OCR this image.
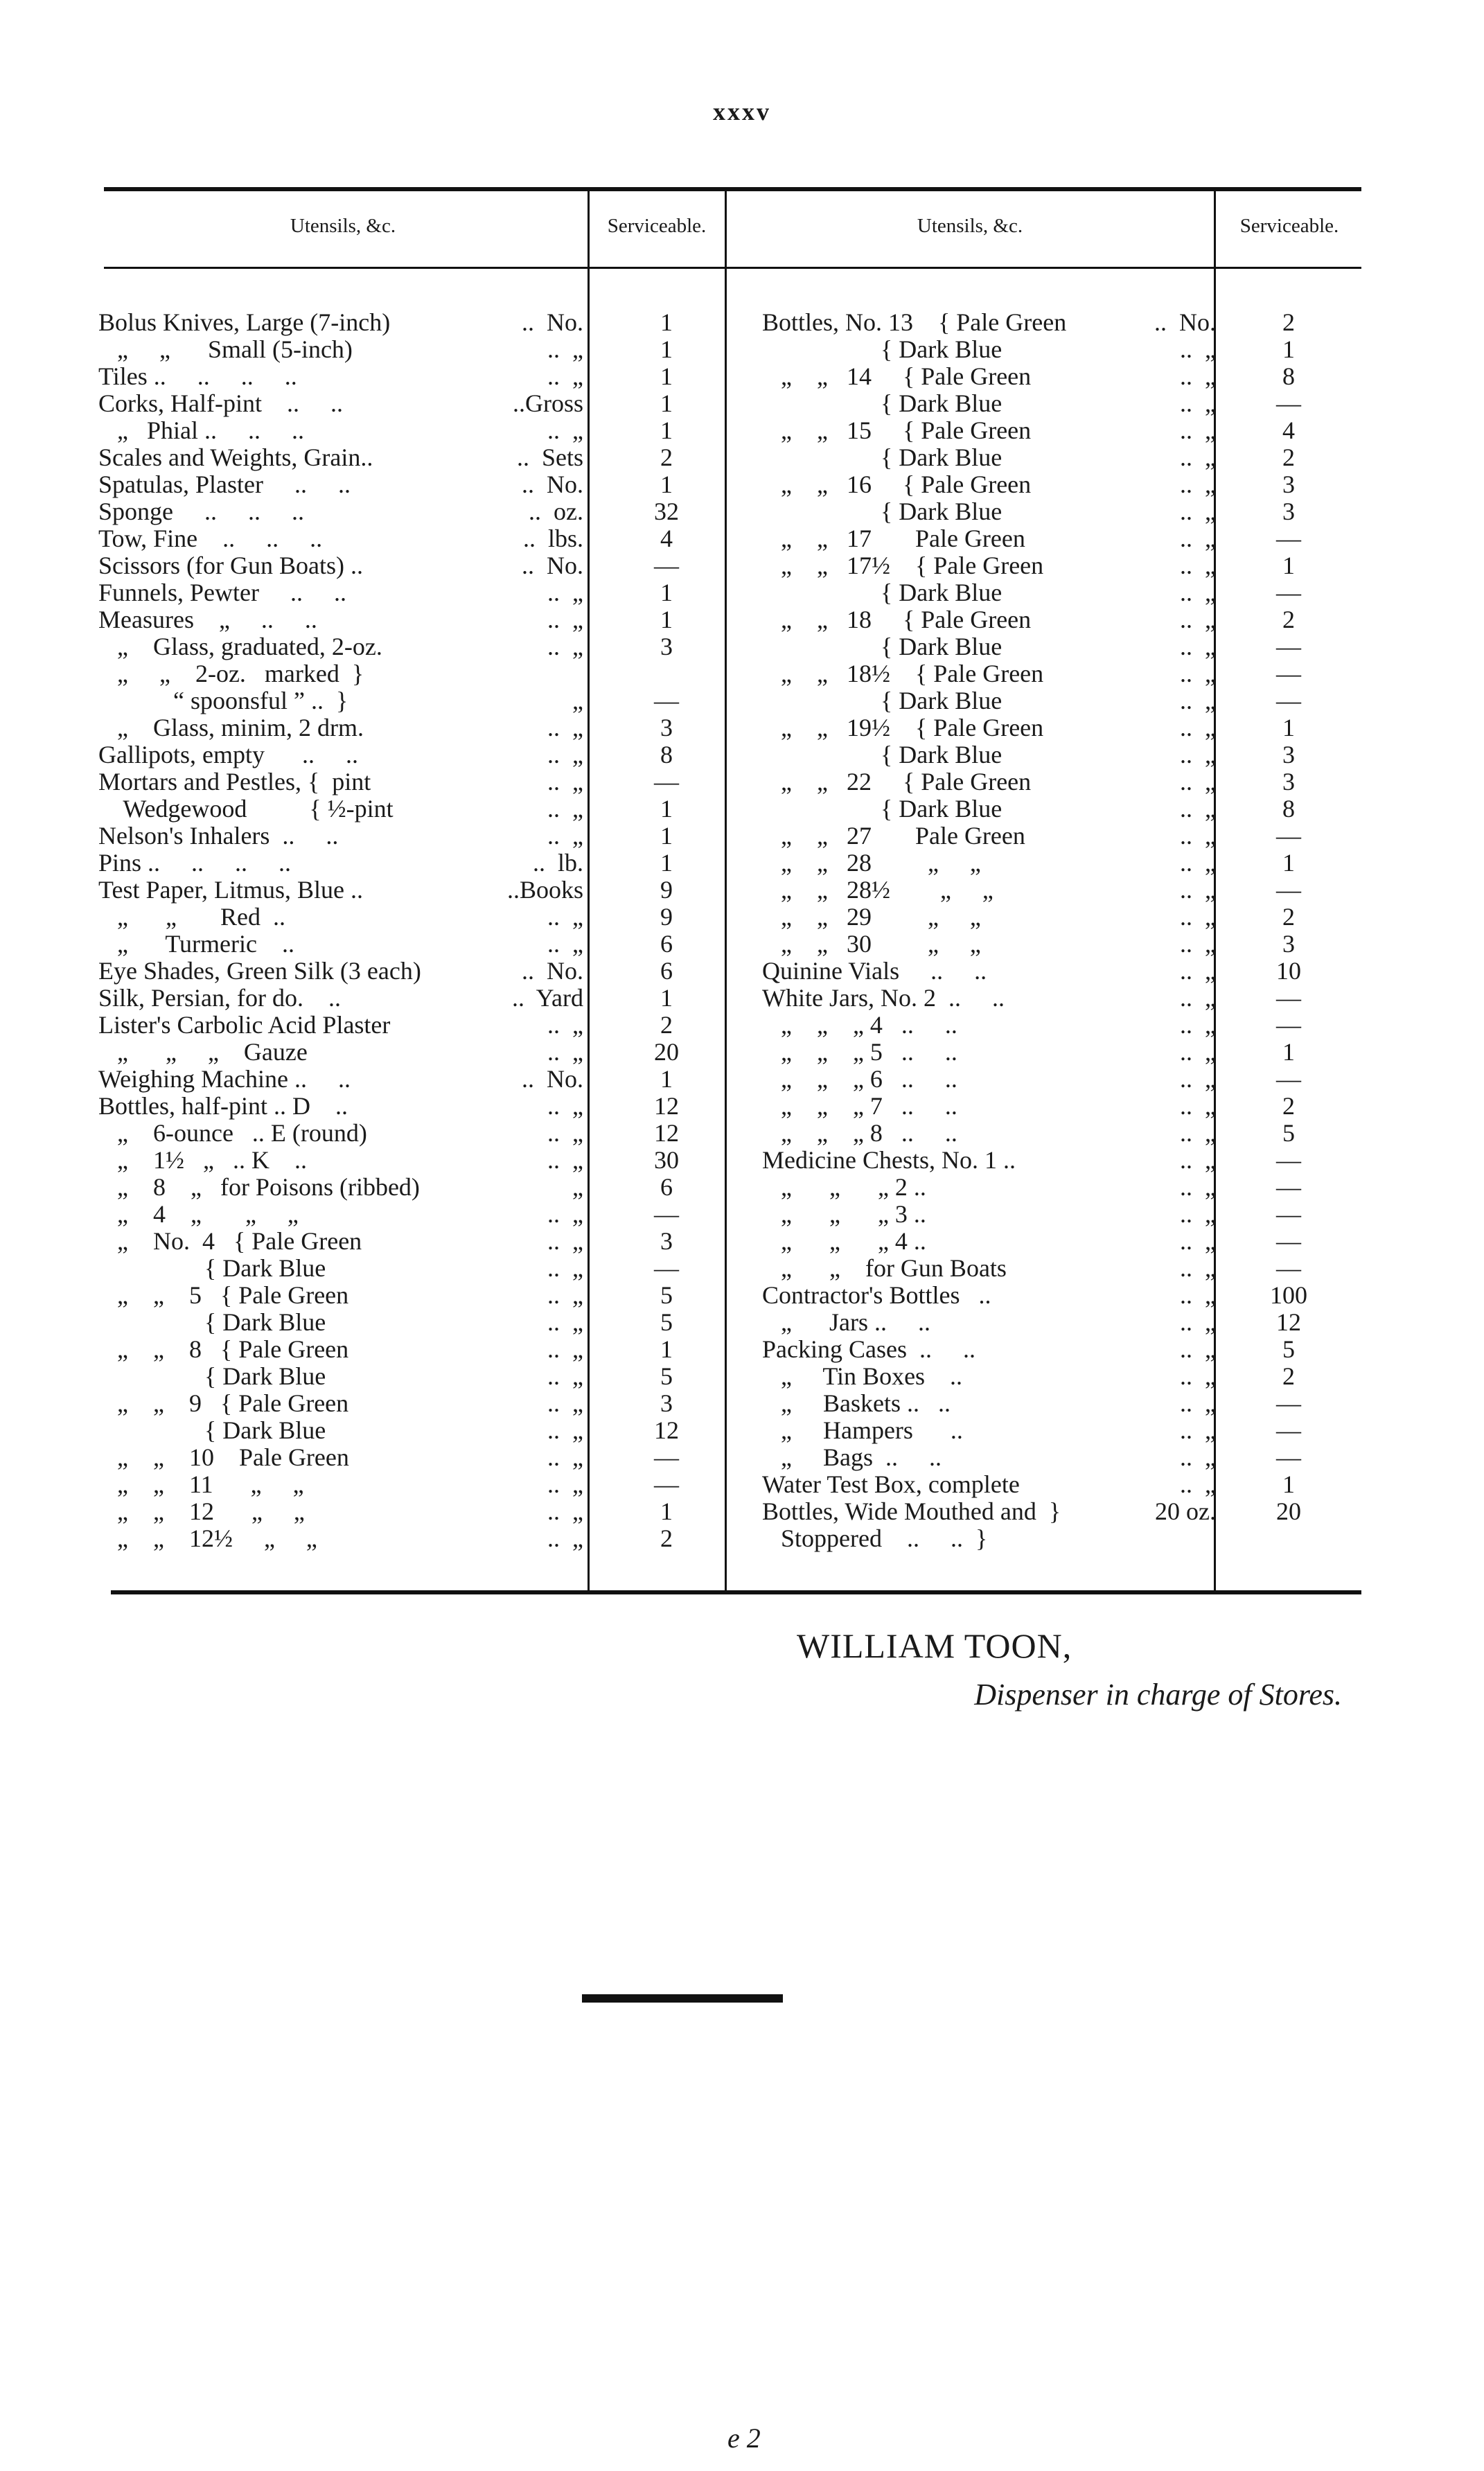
xxxv
Utensils, &c.	Serviceable.	Utensils, &c.	Serviceable.
Bolus Knives, Large (7-inch)	..  No.	1
„     „      Small (5-inch)	..  „	1
Tiles ..     ..     ..     ..	..  „	1
Corks, Half-pint    ..     ..	..Gross	1
„   Phial ..     ..     ..	..  „	1
Scales and Weights, Grain..	..  Sets	2
Spatulas, Plaster     ..     ..	..  No.	1
Sponge     ..     ..     ..	..  oz.	32
Tow, Fine    ..     ..     ..	..  lbs.	4
Scissors (for Gun Boats) ..	..  No.	—
Funnels, Pewter     ..     ..	..  „	1
Measures    „     ..     ..	..  „	1
„    Glass, graduated, 2-oz.	..  „	3
„     „    2-oz.   marked  }
“ spoonsful ” ..  }	„	—
„    Glass, minim, 2 drm.	..  „	3
Gallipots, empty      ..     ..	..  „	8
Mortars and Pestles, {  pint	..  „	—
Wedgewood          { ½-pint	..  „	1
Nelson's Inhalers  ..     ..	..  „	1
Pins ..     ..     ..     ..	..  lb.	1
Test Paper, Litmus, Blue ..	..Books	9
„      „       Red  ..	..  „	9
„      Turmeric    ..	..  „	6
Eye Shades, Green Silk (3 each)	..  No.	6
Silk, Persian, for do.    ..	..  Yard	1
Lister's Carbolic Acid Plaster	..  „	2
„      „     „    Gauze	..  „	20
Weighing Machine ..     ..	..  No.	1
Bottles, half-pint .. D    ..	..  „	12
„    6-ounce   .. E (round)	..  „	12
„    1½   „   .. K    ..	..  „	30
„    8    „   for Poisons (ribbed)	„	6
„    4    „       „     „	..  „	—
„    No.  4   { Pale Green	..  „	3
{ Dark Blue	..  „	—
„    „    5   { Pale Green	..  „	5
{ Dark Blue	..  „	5
„    „    8   { Pale Green	..  „	1
{ Dark Blue	..  „	5
„    „    9   { Pale Green	..  „	3
{ Dark Blue	..  „	12
„    „    10    Pale Green	..  „	—
„    „    11      „     „	..  „	—
„    „    12      „     „	..  „	1
„    „    12½     „     „	..  „	2
Bottles, No. 13    { Pale Green	..  No.	2
{ Dark Blue	..  „	1
„    „   14     { Pale Green	..  „	8
{ Dark Blue	..  „	—
„    „   15     { Pale Green	..  „	4
{ Dark Blue	..  „	2
„    „   16     { Pale Green	..  „	3
{ Dark Blue	..  „	3
„    „   17       Pale Green	..  „	—
„    „   17½    { Pale Green	..  „	1
{ Dark Blue	..  „	—
„    „   18     { Pale Green	..  „	2
{ Dark Blue	..  „	—
„    „   18½    { Pale Green	..  „	—
{ Dark Blue	..  „	—
„    „   19½    { Pale Green	..  „	1
{ Dark Blue	..  „	3
„    „   22     { Pale Green	..  „	3
{ Dark Blue	..  „	8
„    „   27       Pale Green	..  „	—
„    „   28         „     „	..  „	1
„    „   28½        „     „	..  „	—
„    „   29         „     „	..  „	2
„    „   30         „     „	..  „	3
Quinine Vials     ..     ..	..  „	10
White Jars, No. 2  ..     ..	..  „	—
„    „    „ 4   ..     ..	..  „	—
„    „    „ 5   ..     ..	..  „	1
„    „    „ 6   ..     ..	..  „	—
„    „    „ 7   ..     ..	..  „	2
„    „    „ 8   ..     ..	..  „	5
Medicine Chests, No. 1 ..	..  „	—
„      „      „ 2 ..	..  „	—
„      „      „ 3 ..	..  „	—
„      „      „ 4 ..	..  „	—
„      „    for Gun Boats	..  „	—
Contractor's Bottles   ..	..  „	100
„      Jars ..     ..	..  „	12
Packing Cases  ..     ..	..  „	5
„     Tin Boxes    ..	..  „	2
„     Baskets ..   ..	..  „	—
„     Hampers      ..	..  „	—
„     Bags  ..     ..	..  „	—
Water Test Box, complete	..  „	1
Bottles, Wide Mouthed and  }	20 oz.	20
Stoppered    ..     ..  }
WILLIAM TOON,
Dispenser in charge of Stores.
e 2
